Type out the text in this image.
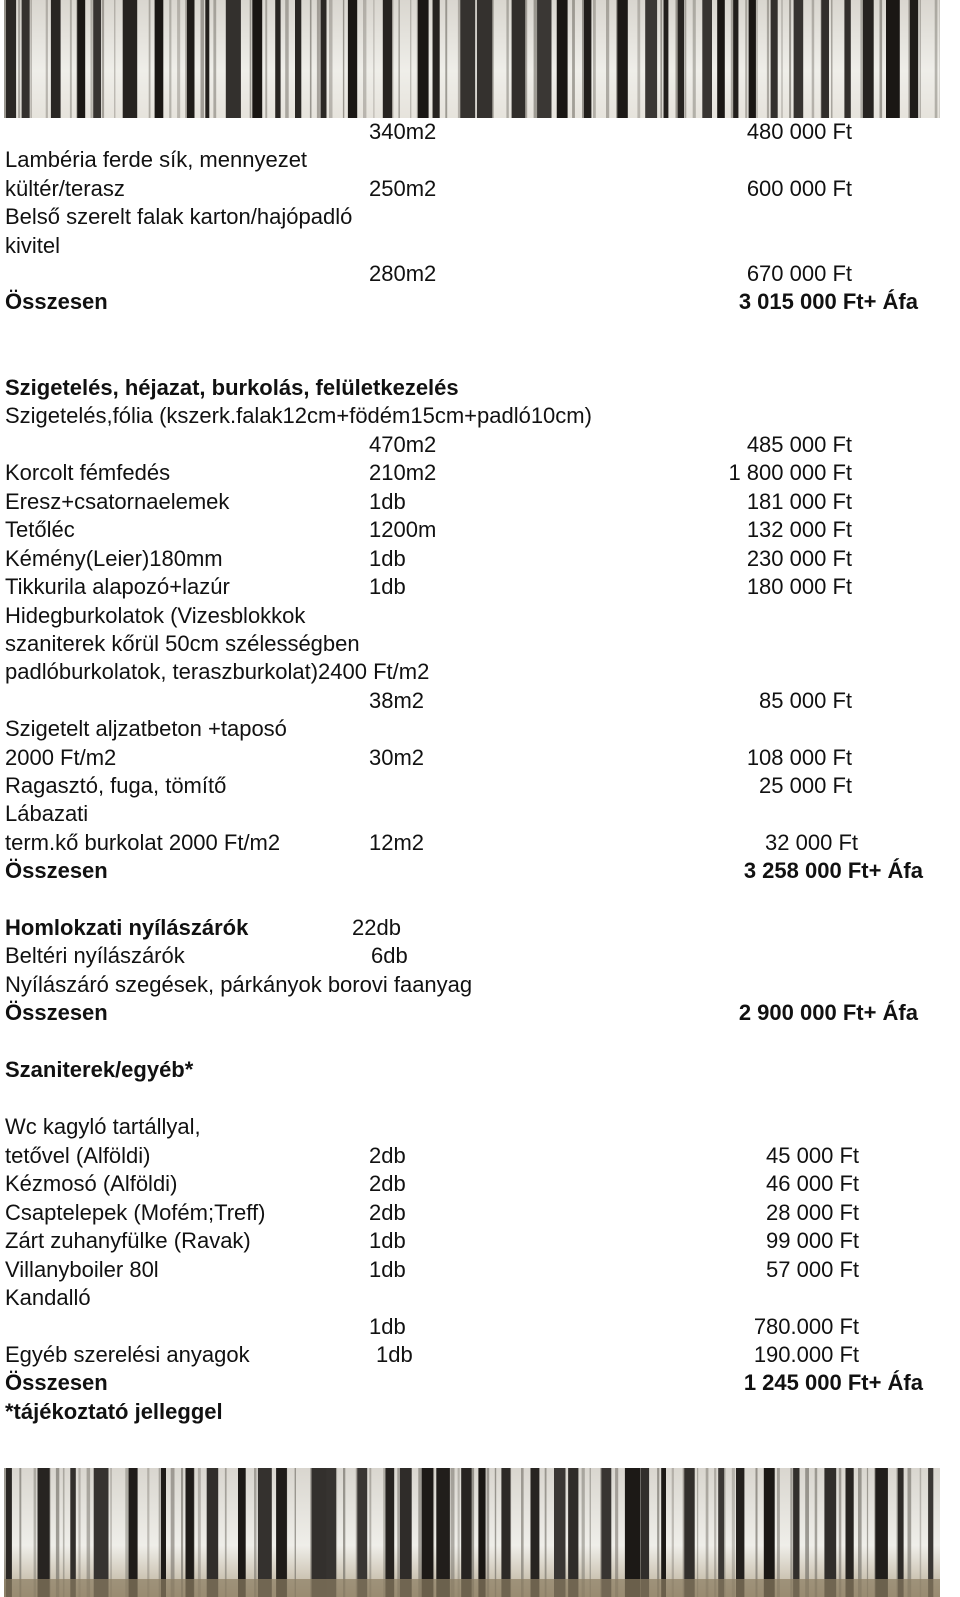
340m2	480 000 Ft
Lambéria ferde sík, mennyezet
kültér/terasz	250m2	600 000 Ft
Belső szerelt falak karton/hajópadló
kivitel
280m2	670 000 Ft
Összesen	3 015 000 Ft+ Áfa
Szigetelés, héjazat, burkolás, felületkezelés
Szigetelés,fólia (kszerk.falak12cm+födém15cm+padló10cm)
470m2	485 000 Ft
Korcolt fémfedés	210m2	1 800 000 Ft
Eresz+csatornaelemek	1db	181 000 Ft
Tetőléc	1200m	132 000 Ft
Kémény(Leier)180mm	1db	230 000 Ft
Tikkurila alapozó+lazúr	1db	180 000 Ft
Hidegburkolatok (Vizesblokkok
szaniterek kőrül 50cm szélességben
padlóburkolatok, teraszburkolat)2400 Ft/m2
38m2	85 000 Ft
Szigetelt aljzatbeton +taposó
2000 Ft/m2	30m2	108 000 Ft
Ragasztó, fuga, tömítő	25 000 Ft
Lábazati
term.kő burkolat 2000 Ft/m2	12m2	32 000 Ft
Összesen	3 258 000 Ft+ Áfa
Homlokzati nyílászárók	22db
Beltéri nyílászárók	6db
Nyílászáró szegések, párkányok borovi faanyag
Összesen	2 900 000 Ft+ Áfa
Szaniterek/egyéb*
Wc kagyló tartállyal,
tetővel (Alföldi)	2db	45 000 Ft
Kézmosó (Alföldi)	2db	46 000 Ft
Csaptelepek (Mofém;Treff)	2db	28 000 Ft
Zárt zuhanyfülke (Ravak)	1db	99 000 Ft
Villanyboiler 80l	1db	57 000 Ft
Kandalló
1db	780.000 Ft
Egyéb szerelési anyagok	1db	190.000 Ft
Összesen	1 245 000 Ft+ Áfa
*tájékoztató jelleggel
